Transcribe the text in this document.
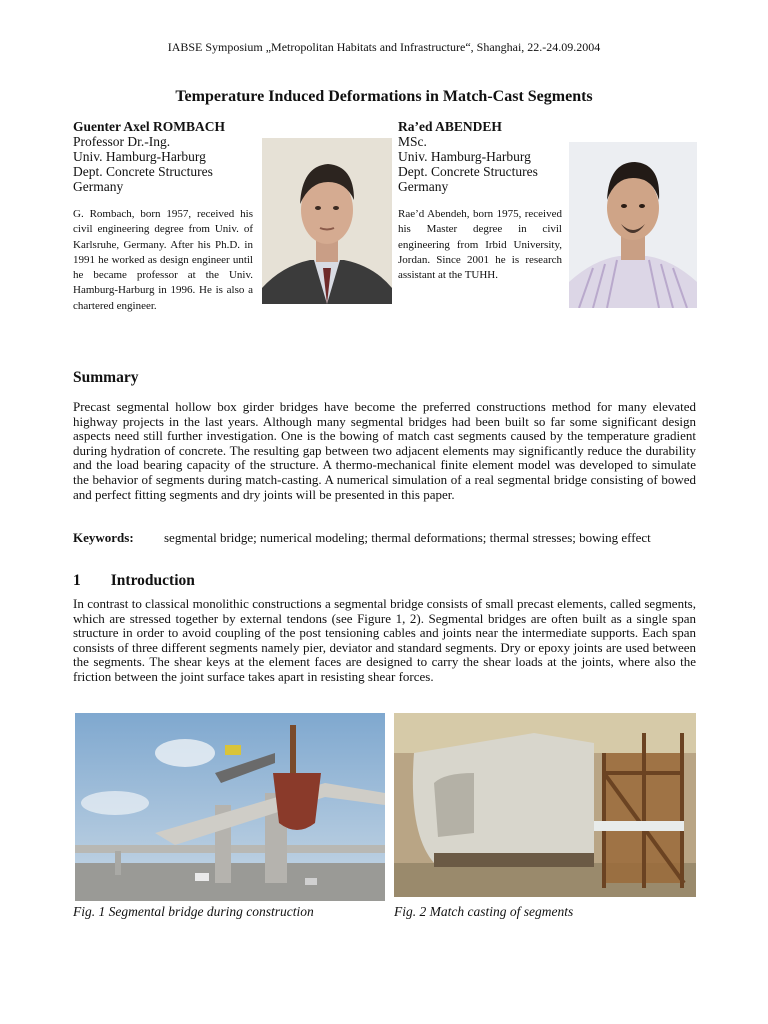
IABSE Symposium „Metropolitan Habitats and Infrastructure“, Shanghai, 22.-24.09.2004
Temperature Induced Deformations in Match-Cast Segments
Guenter Axel ROMBACH
Professor Dr.-Ing.
Univ. Hamburg-Harburg
Dept. Concrete Structures
Germany
G. Rombach, born 1957, received his civil engineering degree from Univ. of Karlsruhe, Germany. After his Ph.D. in 1991 he worked as design engineer until he became professor at the Univ. Hamburg-Harburg in 1996. He is also a chartered engineer.
Ra’ed ABENDEH
MSc.
Univ. Hamburg-Harburg
Dept. Concrete Structures
Germany
Rae’d Abendeh, born 1975, received his Master degree in civil engineering from Irbid University, Jordan. Since 2001 he is research assistant at the TUHH.
Summary
Precast segmental hollow box girder bridges have become the preferred constructions method for many elevated highway projects in the last years. Although many segmental bridges had been built so far some significant design aspects need still further investigation. One is the bowing of match cast segments caused by the temperature gradient during hydration of concrete. The resulting gap between two adjacent elements may significantly reduce the durability and the load bearing capacity of the structure. A thermo-mechanical finite element model was developed to simulate the behavior of segments during match-casting. A numerical simulation of a real segmental bridge consisting of bowed and perfect fitting segments and dry joints will be presented in this paper.
Keywords: segmental bridge; numerical modeling; thermal deformations; thermal stresses; bowing effect
1 Introduction
In contrast to classical monolithic constructions a segmental bridge consists of small precast elements, called segments, which are stressed together by external tendons (see Figure 1, 2). Segmental bridges are often built as a single span structure in order to avoid coupling of the post tensioning cables and joints near the intermediate supports. Each span consists of three different segments namely pier, deviator and standard segments. Dry or epoxy joints are used between the segments. The shear keys at the element faces are designed to carry the shear loads at the joints, where also the friction between the joint surface takes apart in resisting shear forces.
Fig. 1 Segmental bridge during construction	Fig. 2 Match casting of segments
